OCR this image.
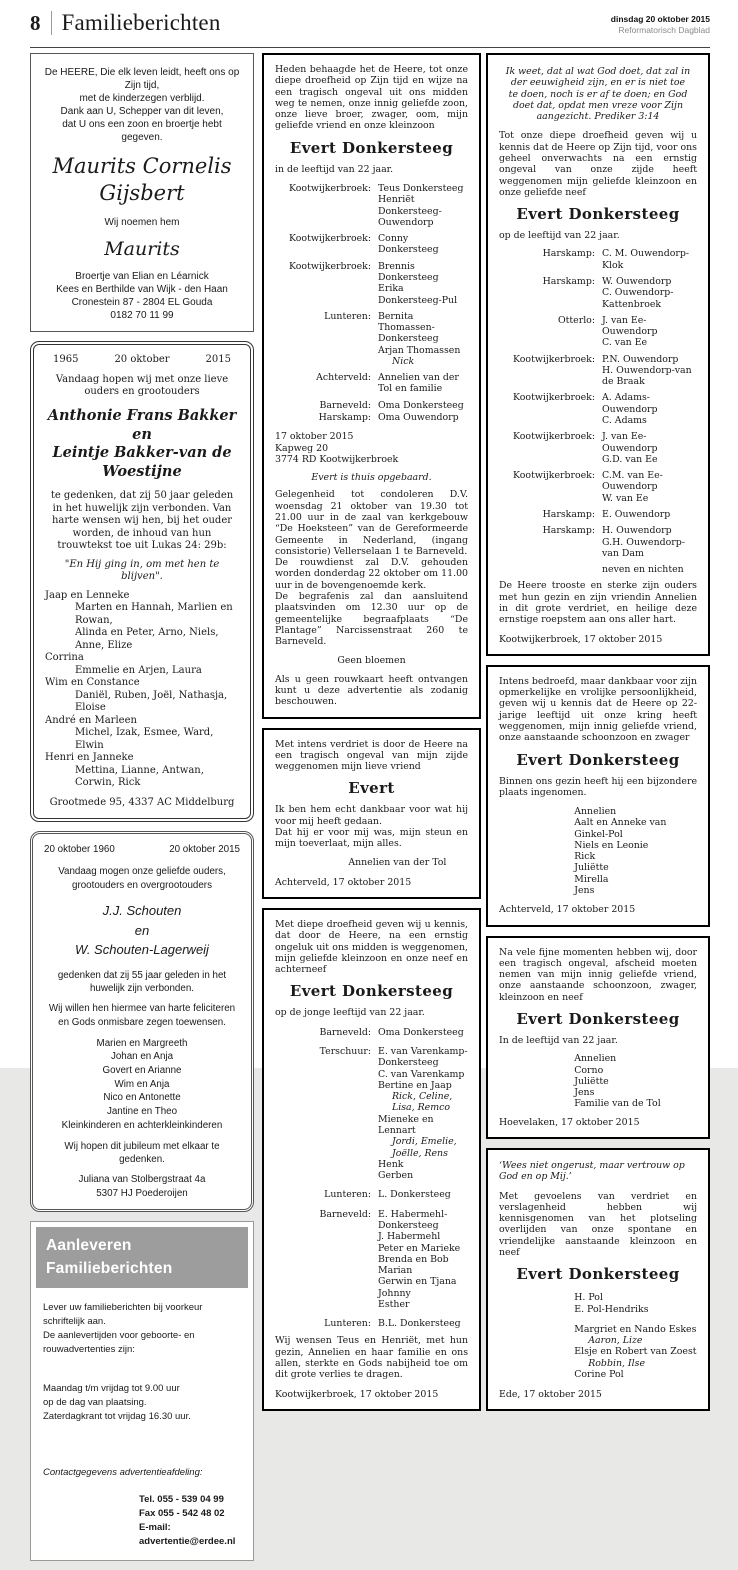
8 Familieberichten	dinsdag 20 oktober 2015
Reformatorisch Dagblad
De HEERE, Die elk leven leidt, heeft ons op Zijn tijd,
met de kinderzegen verblijd.
Dank aan U, Schepper van dit leven,
dat U ons een zoon en broertje hebt gegeven.
Maurits Cornelis Gijsbert
Wij noemen hem
Maurits
Broertje van Elian en Léarnick
Kees en Berthilde van Wijk - den Haan
Cronestein 87 - 2804 EL Gouda
0182 70 11 99
1965	20 oktober	2015
Vandaag hopen wij met onze lieve ouders en grootouders
Anthonie Frans Bakker
en
Leintje Bakker-van de Woestijne
te gedenken, dat zij 50 jaar geleden in het huwelijk zijn verbonden. Van harte wensen wij hen, bij het ouder worden, de inhoud van hun trouwtekst toe uit Lukas 24: 29b:
"En Hij ging in, om met hen te blijven".
Jaap en Lenneke
Marten en Hannah, Marlien en Rowan,
Alinda en Peter, Arno, Niels, Anne, Elize
Corrina
Emmelie en Arjen, Laura
Wim en Constance
Daniël, Ruben, Joël, Nathasja, Eloise
André en Marleen
Michel, Izak, Esmee, Ward, Elwin
Henri en Janneke
Mettina, Lianne, Antwan, Corwin, Rick
Grootmede 95, 4337 AC Middelburg
20 oktober 1960	20 oktober 2015
Vandaag mogen onze geliefde ouders,
grootouders en overgrootouders
J.J. Schouten
en
W. Schouten-Lagerweij
gedenken dat zij 55 jaar geleden in het
huwelijk zijn verbonden.
Wij willen hen hiermee van harte feliciteren en Gods onmisbare zegen toewensen.
Marien en Margreeth
Johan en Anja
Govert en Arianne
Wim en Anja
Nico en Antonette
Jantine en Theo
Kleinkinderen en achterkleinkinderen
Wij hopen dit jubileum met elkaar te gedenken.
Juliana van Stolbergstraat 4a
5307 HJ Poederoijen
Aanleveren Familieberichten
Lever uw familieberichten bij voorkeur schriftelijk aan.
De aanlevertijden voor geboorte- en rouwadvertenties zijn:
Maandag t/m vrijdag tot 9.00 uur
op de dag van plaatsing.
Zaterdagkrant tot vrijdag 16.30 uur.
Contactgegevens advertentieafdeling:
Tel. 055 - 539 04 99
Fax 055 - 542 48 02
E-mail: advertentie@erdee.nl
Heden behaagde het de Heere, tot onze diepe droefheid op Zijn tijd en wijze na een tragisch ongeval uit ons midden weg te nemen, onze innig geliefde zoon, onze lieve broer, zwager, oom, mijn geliefde vriend en onze kleinzoon
Evert Donkersteeg
in de leeftijd van 22 jaar.
Kootwijkerbroek: Teus Donkersteeg
Henriët Donkersteeg-Ouwendorp
Kootwijkerbroek: Conny Donkersteeg
Kootwijkerbroek: Brennis Donkersteeg
Erika Donkersteeg-Pul
Lunteren: Bernita Thomassen-Donkersteeg
Arjan Thomassen
Nick
Achterveld: Annelien van der Tol en familie
Barneveld: Oma Donkersteeg
Harskamp: Oma Ouwendorp
17 oktober 2015
Kapweg 20
3774 RD Kootwijkerbroek
Evert is thuis opgebaard.
Gelegenheid tot condoleren D.V. woensdag 21 oktober van 19.30 tot 21.00 uur in de zaal van kerkgebouw “De Hoeksteen” van de Gereformeerde Gemeente in Nederland, (ingang consistorie) Vellerselaan 1 te Barneveld.
De rouwdienst zal D.V. gehouden worden donderdag 22 oktober om 11.00 uur in de bovengenoemde kerk.
De begrafenis zal dan aansluitend plaatsvinden om 12.30 uur op de gemeentelijke begraafplaats “De Plantage” Narcissenstraat 260 te Barneveld.
Geen bloemen
Als u geen rouwkaart heeft ontvangen kunt u deze advertentie als zodanig beschouwen.
Met intens verdriet is door de Heere na een tragisch ongeval van mijn zijde weggenomen mijn lieve vriend
Evert
Ik ben hem echt dankbaar voor wat hij voor mij heeft gedaan.
Dat hij er voor mij was, mijn steun en mijn toeverlaat, mijn alles.
Annelien van der Tol
Achterveld, 17 oktober 2015
Met diepe droefheid geven wij u kennis, dat door de Heere, na een ernstig ongeluk uit ons midden is weggenomen, mijn geliefde kleinzoon en onze neef en achterneef
Evert Donkersteeg
op de jonge leeftijd van 22 jaar.
Barneveld: Oma Donkersteeg
Terschuur: E. van Varenkamp-Donkersteeg
C. van Varenkamp
Bertine en Jaap
Rick, Celine, Lisa, Remco
Mieneke en Lennart
Jordi, Emelie, Joëlle, Rens
Henk
Gerben
Lunteren: L. Donkersteeg
Barneveld: E. Habermehl-Donkersteeg
J. Habermehl
Peter en Marieke
Brenda en Bob
Marian
Gerwin en Tjana
Johnny
Esther
Lunteren: B.L. Donkersteeg
Wij wensen Teus en Henriët, met hun gezin, Annelien en haar familie en ons allen, sterkte en Gods nabijheid toe om dit grote verlies te dragen.
Kootwijkerbroek, 17 oktober 2015
Ik weet, dat al wat God doet, dat zal in der eeuwigheid zijn, en er is niet toe te doen, noch is er af te doen; en God doet dat, opdat men vreze voor Zijn aangezicht. Prediker 3:14
Tot onze diepe droefheid geven wij u kennis dat de Heere op Zijn tijd, voor ons geheel onverwachts na een ernstig ongeval van onze zijde heeft weggenomen mijn geliefde kleinzoon en onze geliefde neef
Evert Donkersteeg
op de leeftijd van 22 jaar.
Harskamp: C. M. Ouwendorp-Klok
Harskamp: W. Ouwendorp
C. Ouwendorp-Kattenbroek
Otterlo: J. van Ee-Ouwendorp
C. van Ee
Kootwijkerbroek: P.N. Ouwendorp
H. Ouwendorp-van de Braak
Kootwijkerbroek: A. Adams-Ouwendorp
C. Adams
Kootwijkerbroek: J. van Ee-Ouwendorp
G.D. van Ee
Kootwijkerbroek: C.M. van Ee-Ouwendorp
W. van Ee
Harskamp: E. Ouwendorp
Harskamp: H. Ouwendorp
G.H. Ouwendorp-van Dam
neven en nichten
De Heere trooste en sterke zijn ouders met hun gezin en zijn vriendin Annelien in dit grote verdriet, en heilige deze ernstige roepstem aan ons aller hart.
Kootwijkerbroek, 17 oktober 2015
Intens bedroefd, maar dankbaar voor zijn opmerkelijke en vrolijke persoonlijkheid, geven wij u kennis dat de Heere op 22-jarige leeftijd uit onze kring heeft weggenomen, mijn innig geliefde vriend, onze aanstaande schoonzoon en zwager
Evert Donkersteeg
Binnen ons gezin heeft hij een bijzondere plaats ingenomen.
Annelien
Aalt en Anneke van Ginkel-Pol
Niels en Leonie
Rick
Juliëtte
Mirella
Jens
Achterveld, 17 oktober 2015
Na vele fijne momenten hebben wij, door een tragisch ongeval, afscheid moeten nemen van mijn innig geliefde vriend, onze aanstaande schoonzoon, zwager, kleinzoon en neef
Evert Donkersteeg
In de leeftijd van 22 jaar.
Annelien
Corno
Juliëtte
Jens
Familie van de Tol
Hoevelaken, 17 oktober 2015
‘Wees niet ongerust, maar vertrouw op God en op Mij.’
Met gevoelens van verdriet en verslagenheid hebben wij kennisgenomen van het plotseling overlijden van onze spontane en vriendelijke aanstaande kleinzoon en neef
Evert Donkersteeg
H. Pol
E. Pol-Hendriks
Margriet en Nando Eskes
Aaron, Lize
Elsje en Robert van Zoest
Robbin, Ilse
Corine Pol
Ede, 17 oktober 2015
